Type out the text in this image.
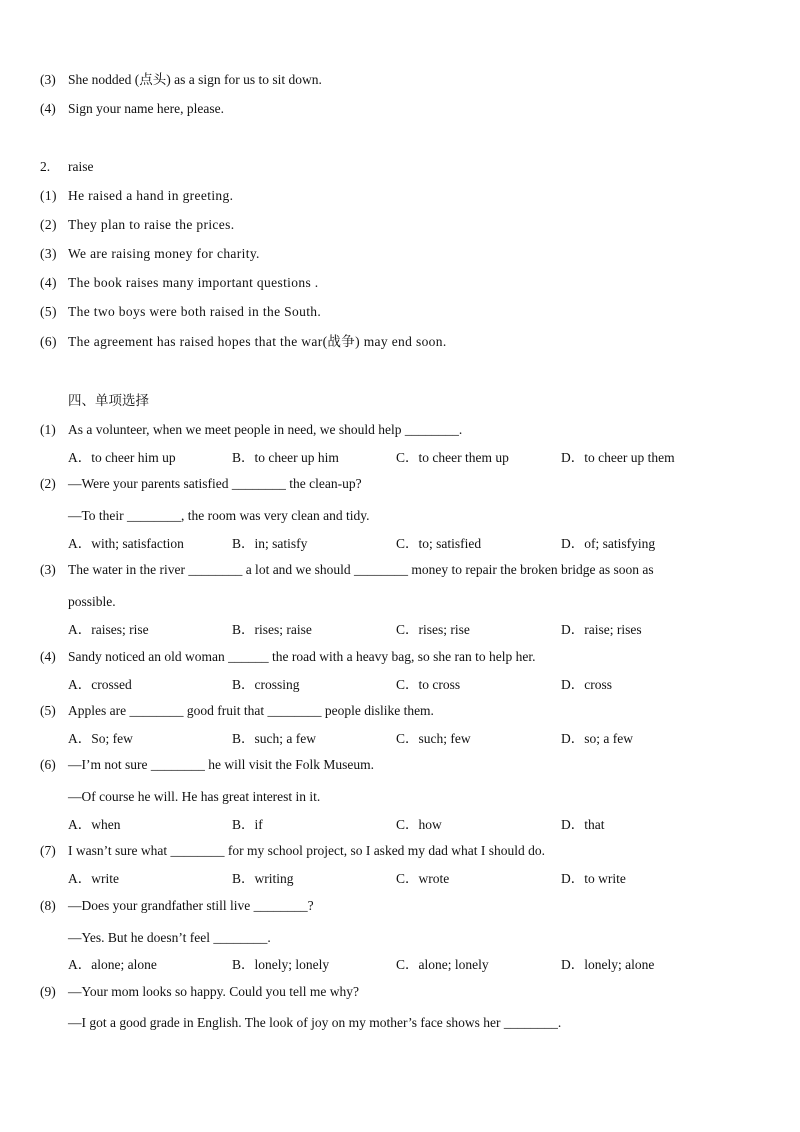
(3) She nodded (点头) as a sign for us to sit down.
(4) Sign your name here, please.
2. raise
(1) He raised a hand in greeting.
(2) They plan to raise the prices.
(3) We are raising money for charity.
(4) The book raises many important questions .
(5) The two boys were both raised in the South.
(6) The agreement has raised hopes that the war(战争) may end soon.
四、单项选择
(1) As a volunteer, when we meet people in need, we should help ________.
A．to cheer him up	B．to cheer up him	C．to cheer them up	D．to cheer up them
(2) —Were your parents satisfied ________ the clean-up?
—To their ________, the room was very clean and tidy.
A．with; satisfaction	B．in; satisfy	C．to; satisfied	D．of; satisfying
(3) The water in the river ________ a lot and we should ________ money to repair the broken bridge as soon as
possible.
A．raises; rise	B．rises; raise	C．rises; rise	D．raise; rises
(4) Sandy noticed an old woman ______ the road with a heavy bag, so she ran to help her.
A．crossed	B．crossing	C．to cross	D．cross
(5) Apples are ________ good fruit that ________ people dislike them.
A．So; few	B．such; a few	C．such; few	D．so; a few
(6) —I’m not sure ________ he will visit the Folk Museum.
—Of course he will. He has great interest in it.
A．when	B．if	C．how	D．that
(7) I wasn’t sure what ________ for my school project, so I asked my dad what I should do.
A．write	B．writing	C．wrote	D．to write
(8) —Does your grandfather still live ________?
—Yes. But he doesn’t feel ________.
A．alone; alone	B．lonely; lonely	C．alone; lonely	D．lonely; alone
(9) —Your mom looks so happy. Could you tell me why?
—I got a good grade in English. The look of joy on my mother’s face shows her ________.
